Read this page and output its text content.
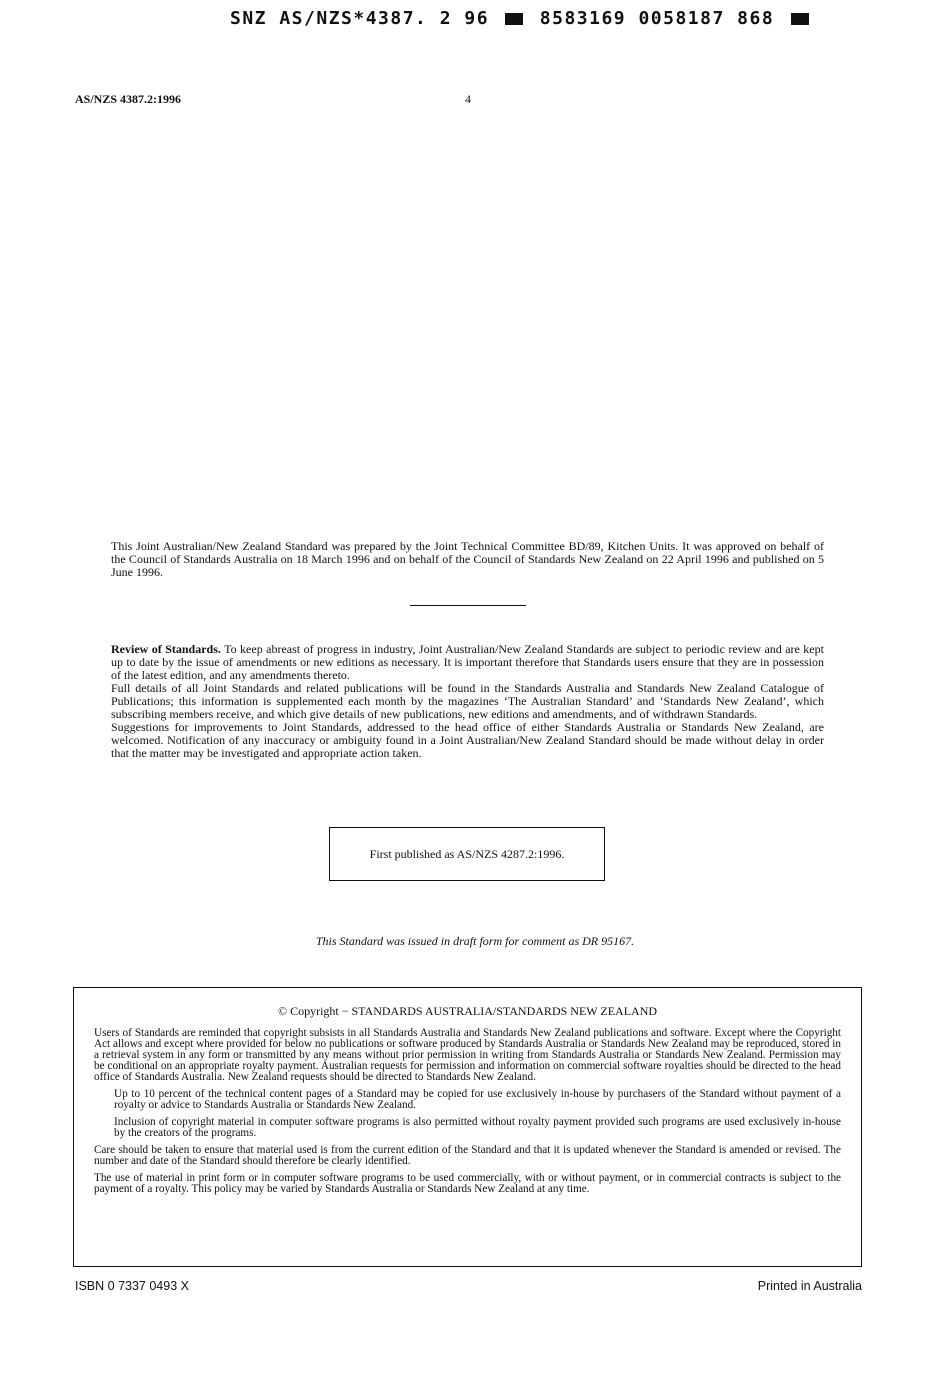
SNZ AS/NZS*4387. 2 96	8583169 0058187 868
AS/NZS 4387.2:1996	4
This Joint Australian/New Zealand Standard was prepared by the Joint Technical Committee BD/89, Kitchen Units. It was approved on behalf of the Council of Standards Australia on 18 March 1996 and on behalf of the Council of Standards New Zealand on 22 April 1996 and published on 5 June 1996.

Review of Standards. To keep abreast of progress in industry, Joint Australian/New Zealand Standards are subject to periodic review and are kept up to date by the issue of amendments or new editions as necessary. It is important therefore that Standards users ensure that they are in possession of the latest edition, and any amendments thereto.

Full details of all Joint Standards and related publications will be found in the Standards Australia and Standards New Zealand Catalogue of Publications; this information is supplemented each month by the magazines ‘The Australian Standard’ and ‘Standards New Zealand’, which subscribing members receive, and which give details of new publications, new editions and amendments, and of withdrawn Standards.

Suggestions for improvements to Joint Standards, addressed to the head office of either Standards Australia or Standards New Zealand, are welcomed. Notification of any inaccuracy or ambiguity found in a Joint Australian/New Zealand Standard should be made without delay in order that the matter may be investigated and appropriate action taken.

First published as AS/NZS 4287.2:1996.
This Standard was issued in draft form for comment as DR 95167.

© Copyright − STANDARDS AUSTRALIA/STANDARDS NEW ZEALAND

Users of Standards are reminded that copyright subsists in all Standards Australia and Standards New Zealand publications and software. Except where the Copyright Act allows and except where provided for below no publications or software produced by Standards Australia or Standards New Zealand may be reproduced, stored in a retrieval system in any form or transmitted by any means without prior permission in writing from Standards Australia or Standards New Zealand. Permission may be conditional on an appropriate royalty payment. Australian requests for permission and information on commercial software royalties should be directed to the head office of Standards Australia. New Zealand requests should be directed to Standards New Zealand.

Up to 10 percent of the technical content pages of a Standard may be copied for use exclusively in-house by purchasers of the Standard without payment of a royalty or advice to Standards Australia or Standards New Zealand.

Inclusion of copyright material in computer software programs is also permitted without royalty payment provided such programs are used exclusively in-house by the creators of the programs.

Care should be taken to ensure that material used is from the current edition of the Standard and that it is updated whenever the Standard is amended or revised. The number and date of the Standard should therefore be clearly identified.

The use of material in print form or in computer software programs to be used commercially, with or without payment, or in commercial contracts is subject to the payment of a royalty. This policy may be varied by Standards Australia or Standards New Zealand at any time.

ISBN 0 7337 0493 X	Printed in Australia
